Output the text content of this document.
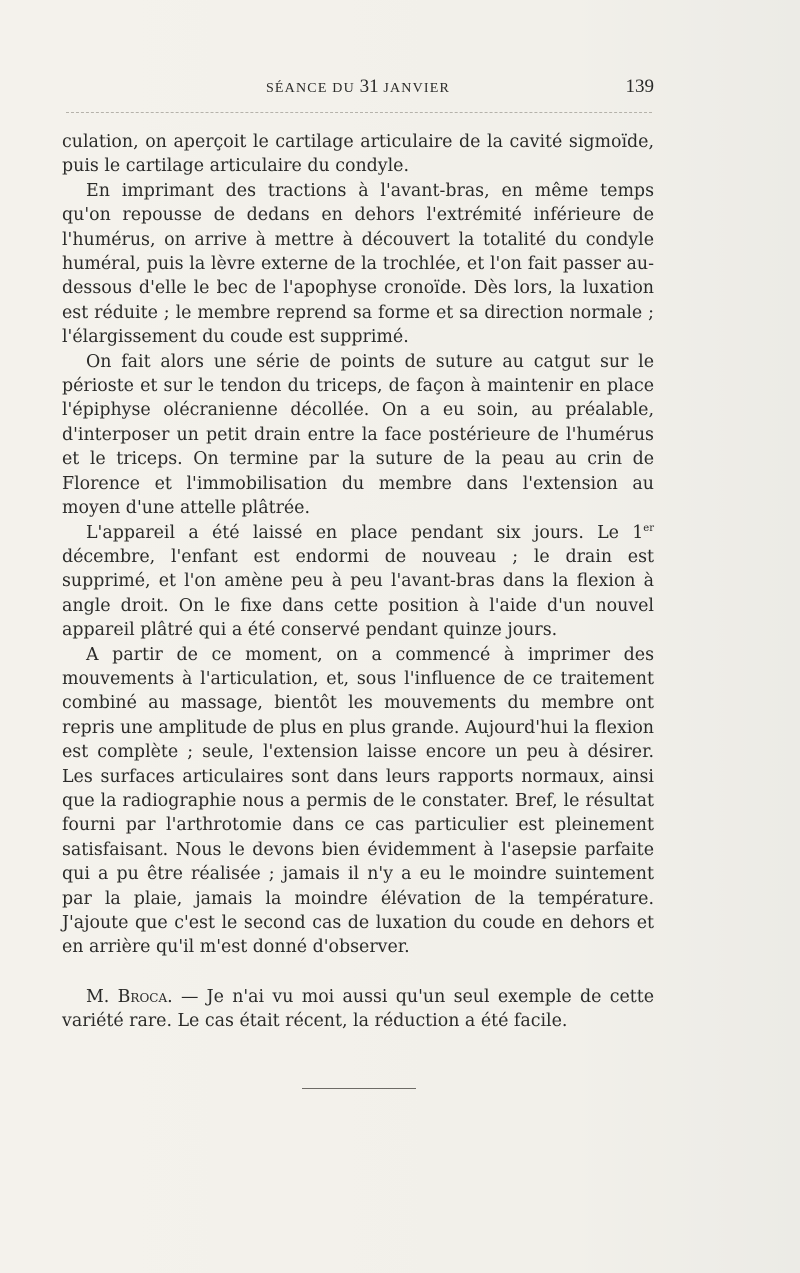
SÉANCE DU 31 JANVIER	139

culation, on aperçoit le cartilage articulaire de la cavité sigmoïde, puis le cartilage articulaire du condyle.

En imprimant des tractions à l'avant-bras, en même temps qu'on repousse de dedans en dehors l'extrémité inférieure de l'humérus, on arrive à mettre à découvert la totalité du condyle huméral, puis la lèvre externe de la trochlée, et l'on fait passer au-dessous d'elle le bec de l'apophyse cronoïde. Dès lors, la luxation est réduite ; le membre reprend sa forme et sa direction normale ; l'élargissement du coude est supprimé.

On fait alors une série de points de suture au catgut sur le périoste et sur le tendon du triceps, de façon à maintenir en place l'épiphyse olécranienne décollée. On a eu soin, au préalable, d'interposer un petit drain entre la face postérieure de l'humérus et le triceps. On termine par la suture de la peau au crin de Florence et l'immobilisation du membre dans l'extension au moyen d'une attelle plâtrée.

L'appareil a été laissé en place pendant six jours. Le 1er décembre, l'enfant est endormi de nouveau ; le drain est supprimé, et l'on amène peu à peu l'avant-bras dans la flexion à angle droit. On le fixe dans cette position à l'aide d'un nouvel appareil plâtré qui a été conservé pendant quinze jours.

A partir de ce moment, on a commencé à imprimer des mouvements à l'articulation, et, sous l'influence de ce traitement combiné au massage, bientôt les mouvements du membre ont repris une amplitude de plus en plus grande. Aujourd'hui la flexion est complète ; seule, l'extension laisse encore un peu à désirer. Les surfaces articulaires sont dans leurs rapports normaux, ainsi que la radiographie nous a permis de le constater. Bref, le résultat fourni par l'arthrotomie dans ce cas particulier est pleinement satisfaisant. Nous le devons bien évidemment à l'asepsie parfaite qui a pu être réalisée ; jamais il n'y a eu le moindre suintement par la plaie, jamais la moindre élévation de la température. J'ajoute que c'est le second cas de luxation du coude en dehors et en arrière qu'il m'est donné d'observer.

M. Broca. — Je n'ai vu moi aussi qu'un seul exemple de cette variété rare. Le cas était récent, la réduction a été facile.
